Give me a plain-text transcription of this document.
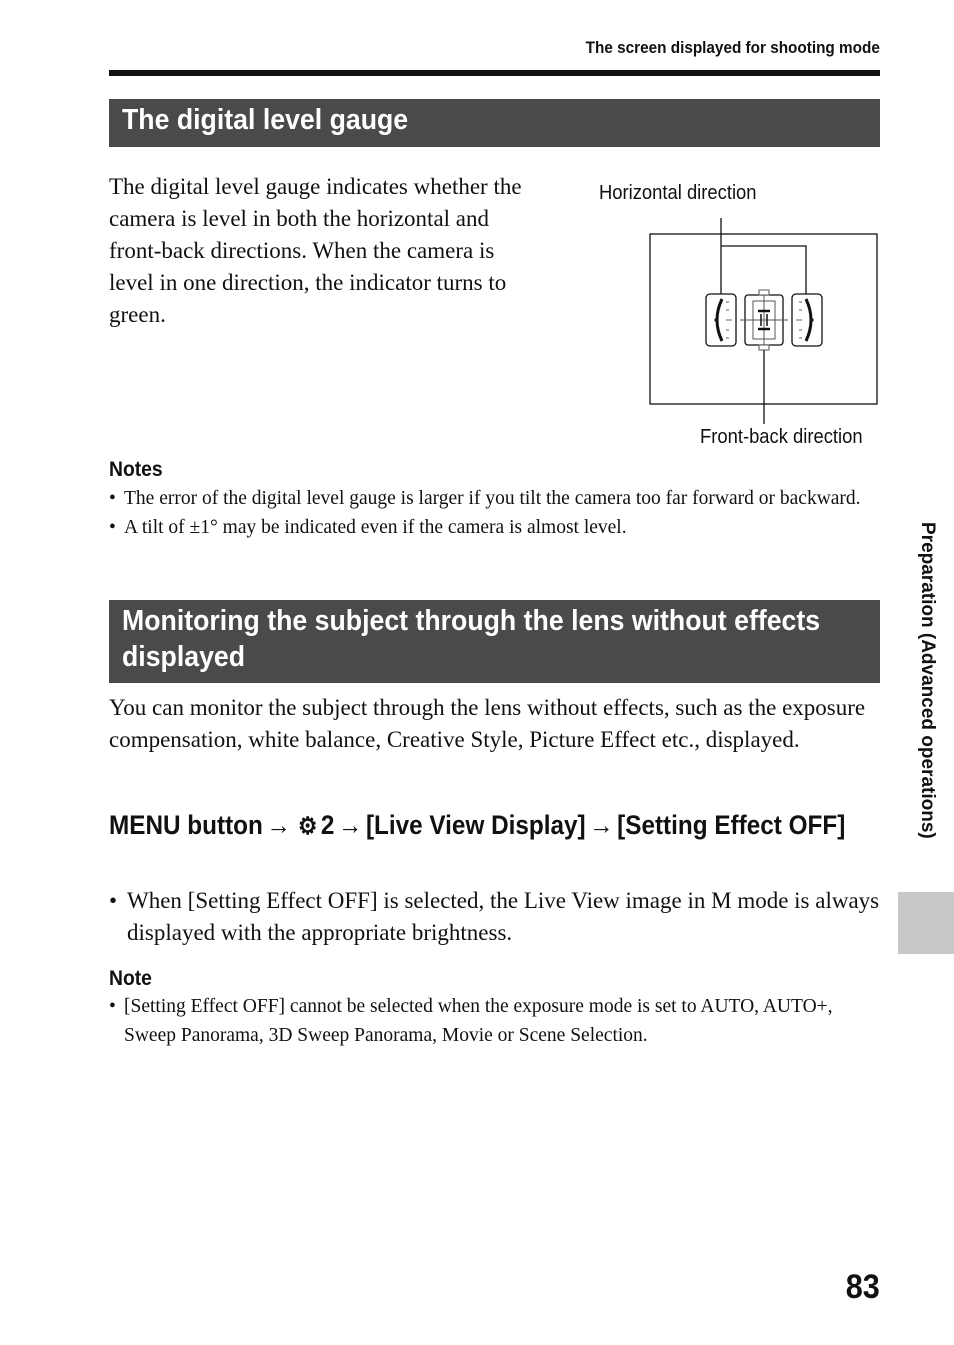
The screen displayed for shooting mode
The digital level gauge

The digital level gauge indicates whether the camera is level in both the horizontal and front-back directions. When the camera is level in one direction, the indicator turns to green.

Horizontal direction
Front-back direction
Notes
• The error of the digital level gauge is larger if you tilt the camera too far forward or backward.
• A tilt of ±1° may be indicated even if the camera is almost level.
Monitoring the subject through the lens without effects displayed

You can monitor the subject through the lens without effects, such as the exposure compensation, white balance, Creative Style, Picture Effect etc., displayed.

MENU button → ⚙ 2 → [Live View Display] → [Setting Effect OFF]
• When [Setting Effect OFF] is selected, the Live View image in M mode is always displayed with the appropriate brightness.
Note
• [Setting Effect OFF] cannot be selected when the exposure mode is set to AUTO, AUTO+, Sweep Panorama, 3D Sweep Panorama, Movie or Scene Selection.
Preparation (Advanced operations)
83
